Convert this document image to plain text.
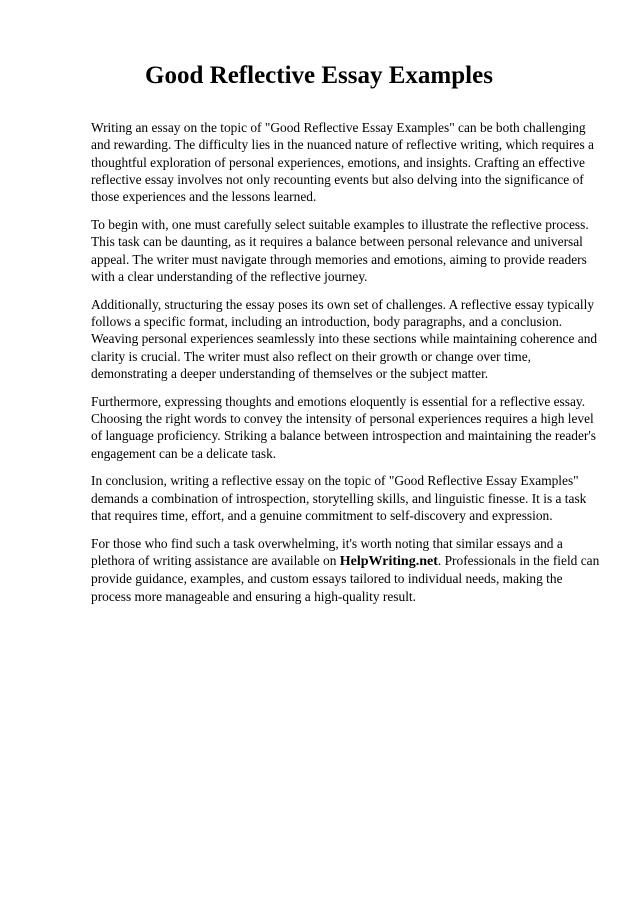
Good Reflective Essay Examples

Writing an essay on the topic of "Good Reflective Essay Examples" can be both challenging and rewarding. The difficulty lies in the nuanced nature of reflective writing, which requires a thoughtful exploration of personal experiences, emotions, and insights. Crafting an effective reflective essay involves not only recounting events but also delving into the significance of those experiences and the lessons learned.

To begin with, one must carefully select suitable examples to illustrate the reflective process. This task can be daunting, as it requires a balance between personal relevance and universal appeal. The writer must navigate through memories and emotions, aiming to provide readers with a clear understanding of the reflective journey.

Additionally, structuring the essay poses its own set of challenges. A reflective essay typically follows a specific format, including an introduction, body paragraphs, and a conclusion. Weaving personal experiences seamlessly into these sections while maintaining coherence and clarity is crucial. The writer must also reflect on their growth or change over time, demonstrating a deeper understanding of themselves or the subject matter.

Furthermore, expressing thoughts and emotions eloquently is essential for a reflective essay. Choosing the right words to convey the intensity of personal experiences requires a high level of language proficiency. Striking a balance between introspection and maintaining the reader's engagement can be a delicate task.

In conclusion, writing a reflective essay on the topic of "Good Reflective Essay Examples" demands a combination of introspection, storytelling skills, and linguistic finesse. It is a task that requires time, effort, and a genuine commitment to self-discovery and expression.

For those who find such a task overwhelming, it's worth noting that similar essays and a plethora of writing assistance are available on HelpWriting.net. Professionals in the field can provide guidance, examples, and custom essays tailored to individual needs, making the process more manageable and ensuring a high-quality result.
